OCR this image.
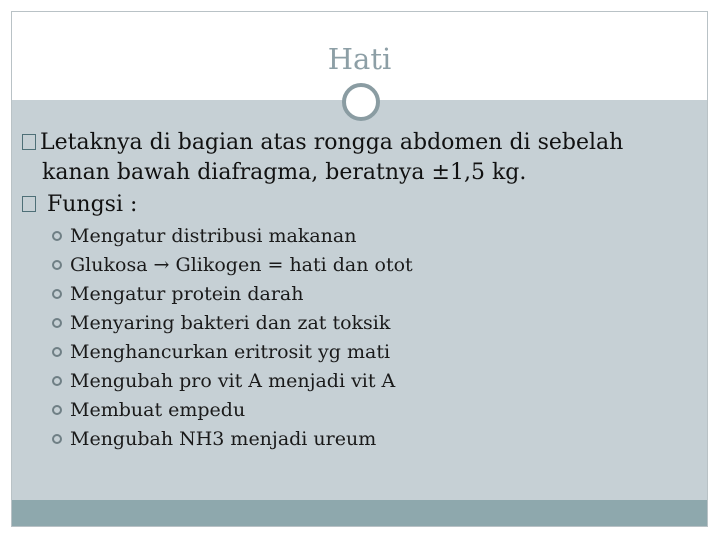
Hati
Letaknya di bagian atas rongga abdomen di sebelah
kanan bawah diafragma, beratnya ±1,5 kg.
Fungsi :
Mengatur distribusi makanan
Glukosa → Glikogen = hati dan otot
Mengatur protein darah
Menyaring bakteri dan zat toksik
Menghancurkan eritrosit yg mati
Mengubah pro vit A menjadi vit A
Membuat empedu
Mengubah NH3 menjadi ureum
